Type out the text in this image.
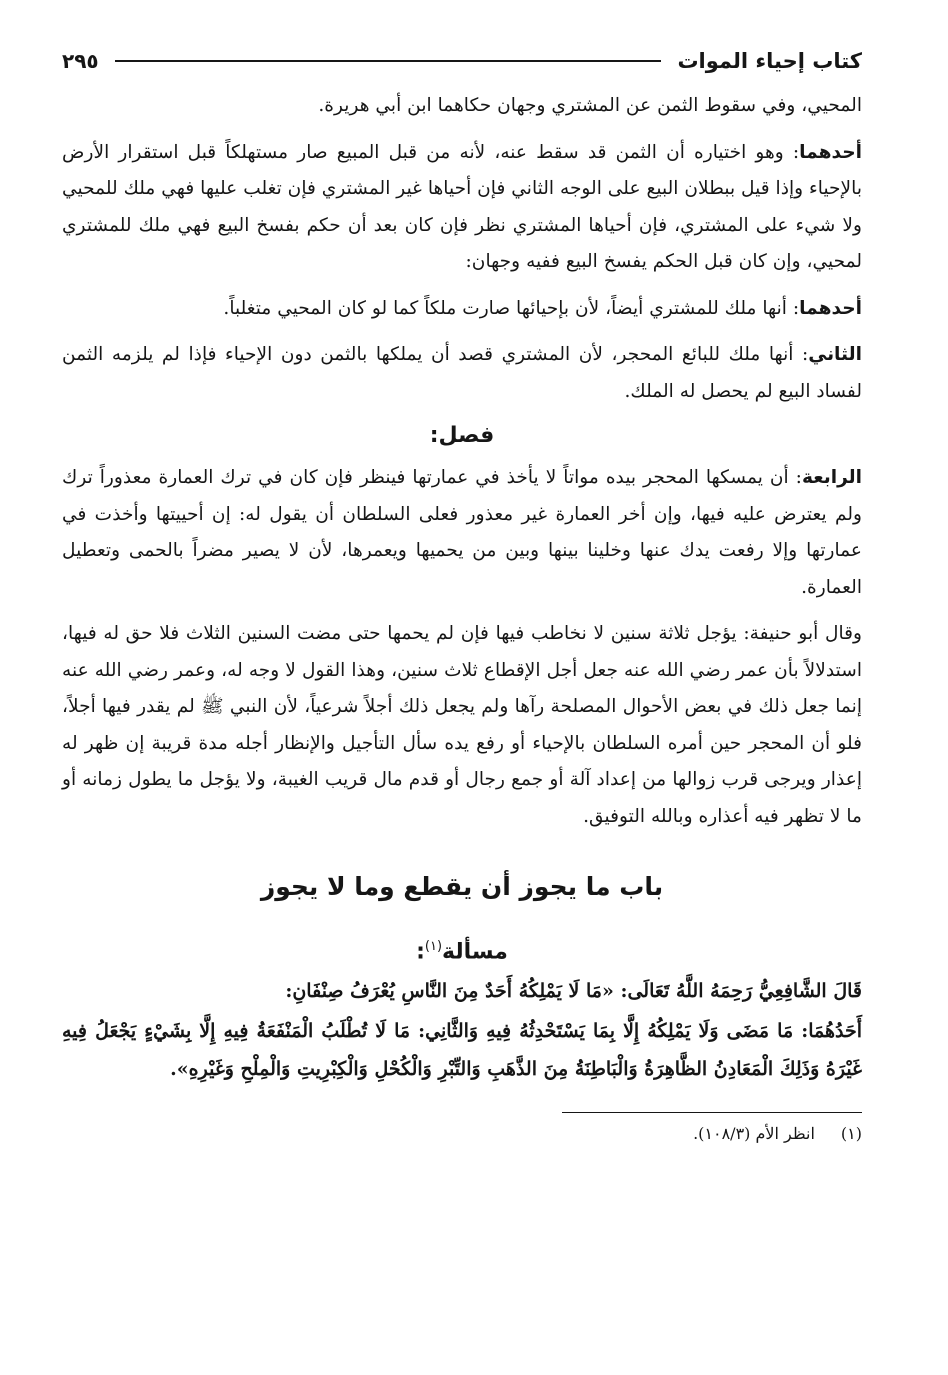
كتاب إحياء الموات
٢٩٥

المحيي، وفي سقوط الثمن عن المشتري وجهان حكاهما ابن أبي هريرة.

أحدهما: وهو اختياره أن الثمن قد سقط عنه، لأنه من قبل المبيع صار مستهلكاً قبل استقرار الأرض بالإحياء وإذا قيل ببطلان البيع على الوجه الثاني فإن أحياها غير المشتري فإن تغلب عليها فهي ملك للمحيي ولا شيء على المشتري، فإن أحياها المشتري نظر فإن كان بعد أن حكم بفسخ البيع فهي ملك للمشتري لمحيي، وإن كان قبل الحكم يفسخ البيع ففيه وجهان:

أحدهما: أنها ملك للمشتري أيضاً، لأن بإحيائها صارت ملكاً كما لو كان المحيي متغلباً.

الثاني: أنها ملك للبائع المحجر، لأن المشتري قصد أن يملكها بالثمن دون الإحياء فإذا لم يلزمه الثمن لفساد البيع لم يحصل له الملك.

فصل:

الرابعة: أن يمسكها المحجر بيده مواتاً لا يأخذ في عمارتها فينظر فإن كان في ترك العمارة معذوراً ترك ولم يعترض عليه فيها، وإن أخر العمارة غير معذور فعلى السلطان أن يقول له: إن أحييتها وأخذت في عمارتها وإلا رفعت يدك عنها وخلينا بينها وبين من يحميها ويعمرها، لأن لا يصير مضراً بالحمى وتعطيل العمارة.

وقال أبو حنيفة: يؤجل ثلاثة سنين لا نخاطب فيها فإن لم يحمها حتى مضت السنين الثلاث فلا حق له فيها، استدلالاً بأن عمر رضي الله عنه جعل أجل الإقطاع ثلاث سنين، وهذا القول لا وجه له، وعمر رضي الله عنه إنما جعل ذلك في بعض الأحوال المصلحة رآها ولم يجعل ذلك أجلاً شرعياً، لأن النبي ﷺ لم يقدر فيها أجلاً، فلو أن المحجر حين أمره السلطان بالإحياء أو رفع يده سأل التأجيل والإنظار أجله مدة قريبة إن ظهر له إعذار ويرجى قرب زوالها من إعداد آلة أو جمع رجال أو قدم مال قريب الغيبة، ولا يؤجل ما يطول زمانه أو ما لا تظهر فيه أعذاره وبالله التوفيق.

باب ما يجوز أن يقطع وما لا يجوز
مسألة$^{(١)}$:

قَالَ الشَّافِعِيُّ رَحِمَهُ اللَّهُ تَعَالَى: «مَا لَا يَمْلِكُهُ أَحَدٌ مِنَ النَّاسِ يُعْرَفُ صِنْفَانِ:

أَحَدُهُمَا: مَا مَضَى وَلَا يَمْلِكُهُ إِلَّا بِمَا يَسْتَحْدِثُهُ فِيهِ وَالثَّانِي: مَا لَا تُطْلَبُ الْمَنْفَعَةُ فِيهِ إِلَّا بِشَيْءٍ يَجْعَلُ فِيهِ غَيْرَهُ وَذَلِكَ الْمَعَادِنُ الظَّاهِرَةُ وَالْبَاطِنَةُ مِنَ الذَّهَبِ وَالتِّبْرِ وَالْكُحْلِ وَالْكِبْرِيتِ وَالْمِلْحِ وَغَيْرِهِ».

(١)
انظر الأم (١٠٨/٣).
